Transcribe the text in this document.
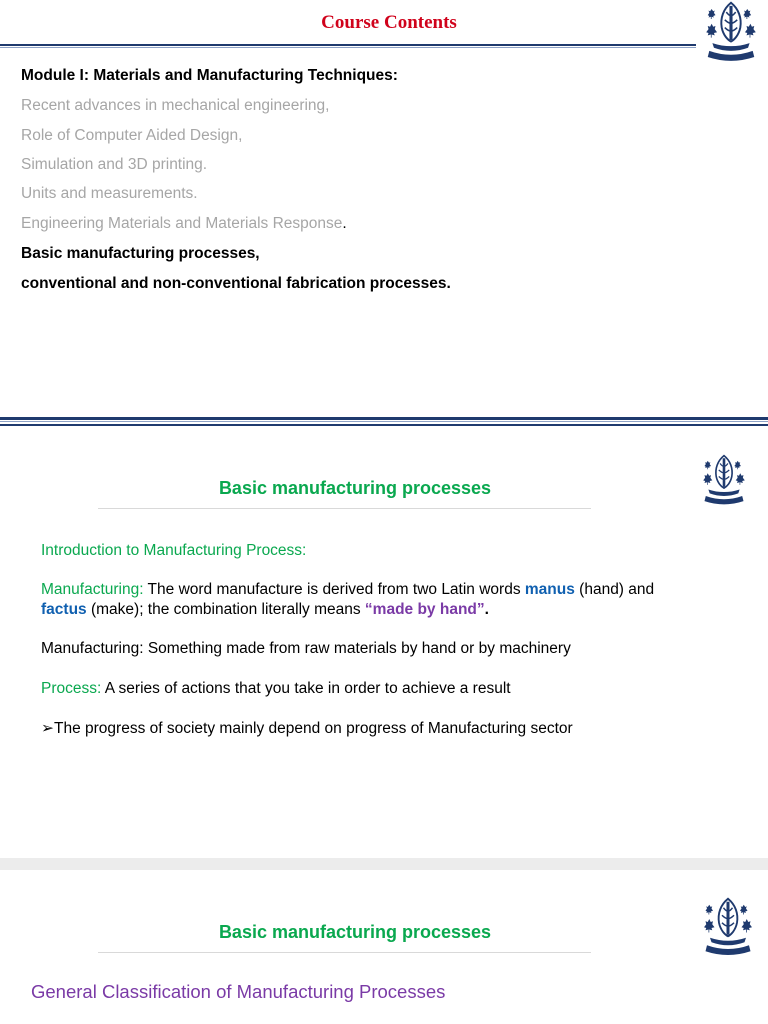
Course Contents
Module I: Materials and Manufacturing Techniques:
Recent advances in mechanical engineering,
Role of Computer Aided Design,
Simulation and 3D printing.
Units and measurements.
Engineering Materials and Materials Response.
Basic manufacturing processes,
conventional and non-conventional fabrication processes.
Basic manufacturing processes
Introduction to Manufacturing Process:
Manufacturing: The word manufacture is derived from two Latin words manus (hand) and
factus (make); the combination literally means “made by hand”.
Manufacturing: Something made from raw materials by hand or by machinery
Process: A series of actions that you take in order to achieve a result
➢The progress of society mainly depend on progress of Manufacturing sector
Basic manufacturing processes
General Classification of Manufacturing Processes
